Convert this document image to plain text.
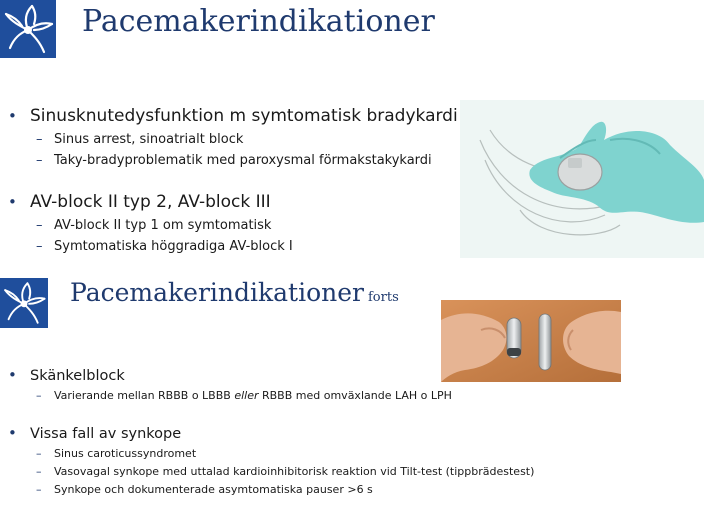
Pacemakerindikationer
• Sinusknutedysfunktion m symtomatisk bradykardi
– Sinus arrest, sinoatrialt block
– Taky-bradyproblematik med paroxysmal förmakstakykardi
• AV-block II typ 2, AV-block III
– AV-block II typ 1 om symtomatisk
– Symtomatiska höggradiga AV-block I
Pacemakerindikationer forts
• Skänkelblock
–	Varierande mellan RBBB o LBBB eller RBBB med omväxlande LAH o LPH
• Vissa fall av synkope
–	Sinus caroticussyndromet
–	Vasovagal synkope med uttalad kardioinhibitorisk reaktion vid Tilt-test (tippbrädestest)
–	Synkope och dokumenterade asymtomatiska pauser >6 s
